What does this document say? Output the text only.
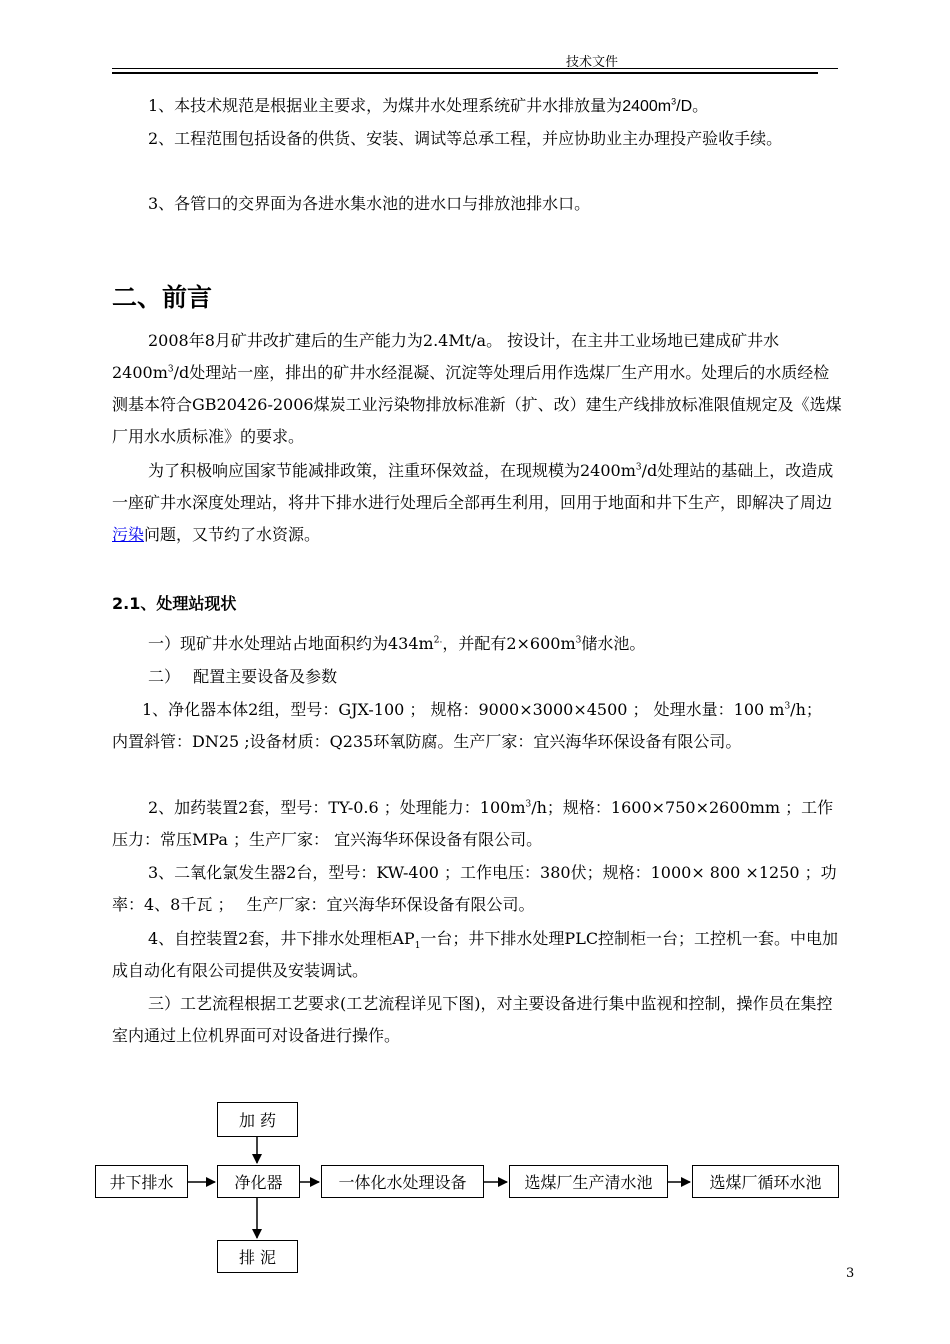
技术文件

1、本技术规范是根据业主要求，为煤井水处理系统矿井水排放量为$2400m^3/D$。

2、工程范围包括设备的供货、安装、调试等总承工程，并应协助业主办理投产验收手续。

3、各管口的交界面为各进水集水池的进水口与排放池排水口。

二、前言

2008年8月矿井改扩建后的生产能力为2.4Mt/a。 按设计，在主井工业场地已建成矿井水$2400m^3/d$处理站一座，排出的矿井水经混凝、沉淀等处理后用作选煤厂生产用水。处理后的水质经检测基本符合GB20426-2006煤炭工业污染物排放标准新（扩、改）建生产线排放标准限值规定及《选煤厂用水水质标准》的要求。

为了积极响应国家节能减排政策，注重环保效益，在现规模为$2400m^3/d$处理站的基础上，改造成一座矿井水深度处理站，将井下排水进行处理后全部再生利用，回用于地面和井下生产，即解决了周边污染问题，又节约了水资源。

2.1、处理站现状

一）现矿井水处理站占地面积约为$434m^{2.}$，并配有$2\times 600m^3$储水池。

二）　 配置主要设备及参数

1、净化器本体2组，型号：GJX-100 ； 规格：9000×3000×4500 ； 处理水量：100 $m^3/h$； 内置斜管：DN25 ;设备材质：Q235环氧防腐。生产厂家：宜兴海华环保设备有限公司。

2、加药装置2套，型号：TY-0.6 ；处理能力：$100m^3/h$；规格：1600×750×2600mm ；工作压力：常压MPa ；生产厂家： 宜兴海华环保设备有限公司。

3、二氧化氯发生器2台，型号：KW-400 ；工作电压：380伏；规格：1000× 800 ×1250 ；功率：4、8千瓦 ；　 生产厂家：宜兴海华环保设备有限公司。

4、自控装置2套，井下排水处理柜$AP_1$一台；井下排水处理PLC控制柜一台；工控机一套。中电加成自动化有限公司提供及安装调试。

三）工艺流程根据工艺要求(工艺流程详见下图)，对主要设备进行集中监视和控制，操作员在集控室内通过上位机界面可对设备进行操作。

加 药
井下排水	净化器	一体化水处理设备	选煤厂生产清水池	选煤厂循环水池
排 泥
3
